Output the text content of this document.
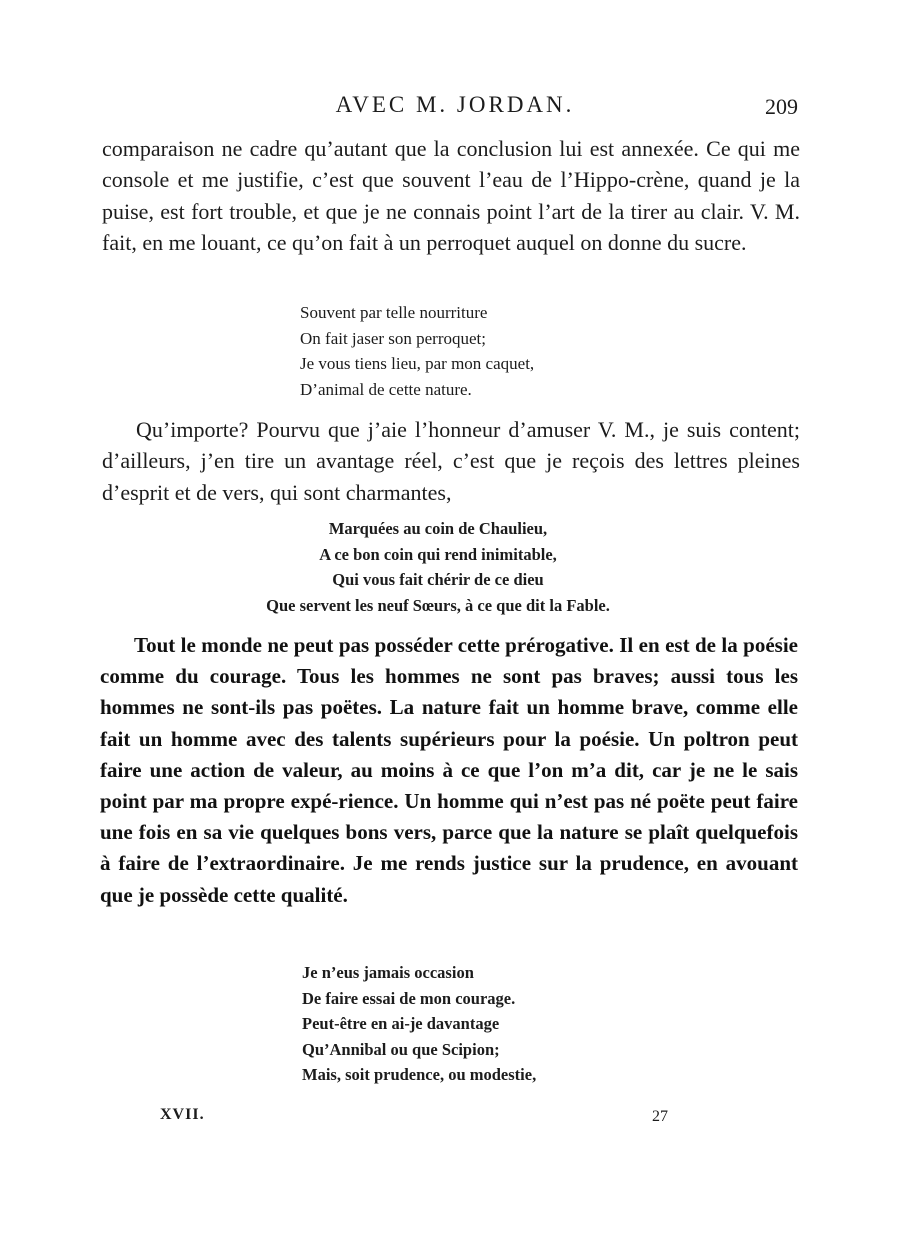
AVEC M. JORDAN.	209

comparaison ne cadre qu’autant que la conclusion lui est annexée. Ce qui me console et me justifie, c’est que souvent l’eau de l’Hippo-crène, quand je la puise, est fort trouble, et que je ne connais point l’art de la tirer au clair. V. M. fait, en me louant, ce qu’on fait à un perroquet auquel on donne du sucre.

Souvent par telle nourriture
On fait jaser son perroquet;
Je vous tiens lieu, par mon caquet,
D’animal de cette nature.

Qu’importe? Pourvu que j’aie l’honneur d’amuser V. M., je suis content; d’ailleurs, j’en tire un avantage réel, c’est que je reçois des lettres pleines d’esprit et de vers, qui sont charmantes,

Marquées au coin de Chaulieu,
A ce bon coin qui rend inimitable,
Qui vous fait chérir de ce dieu
Que servent les neuf Sœurs, à ce que dit la Fable.

Tout le monde ne peut pas posséder cette prérogative. Il en est de la poésie comme du courage. Tous les hommes ne sont pas braves; aussi tous les hommes ne sont-ils pas poëtes. La nature fait un homme brave, comme elle fait un homme avec des talents supérieurs pour la poésie. Un poltron peut faire une action de valeur, au moins à ce que l’on m’a dit, car je ne le sais point par ma propre expé-rience. Un homme qui n’est pas né poëte peut faire une fois en sa vie quelques bons vers, parce que la nature se plaît quelquefois à faire de l’extraordinaire. Je me rends justice sur la prudence, en avouant que je possède cette qualité.

Je n’eus jamais occasion
De faire essai de mon courage.
Peut-être en ai-je davantage
Qu’Annibal ou que Scipion;
Mais, soit prudence, ou modestie,
XVII.	27
